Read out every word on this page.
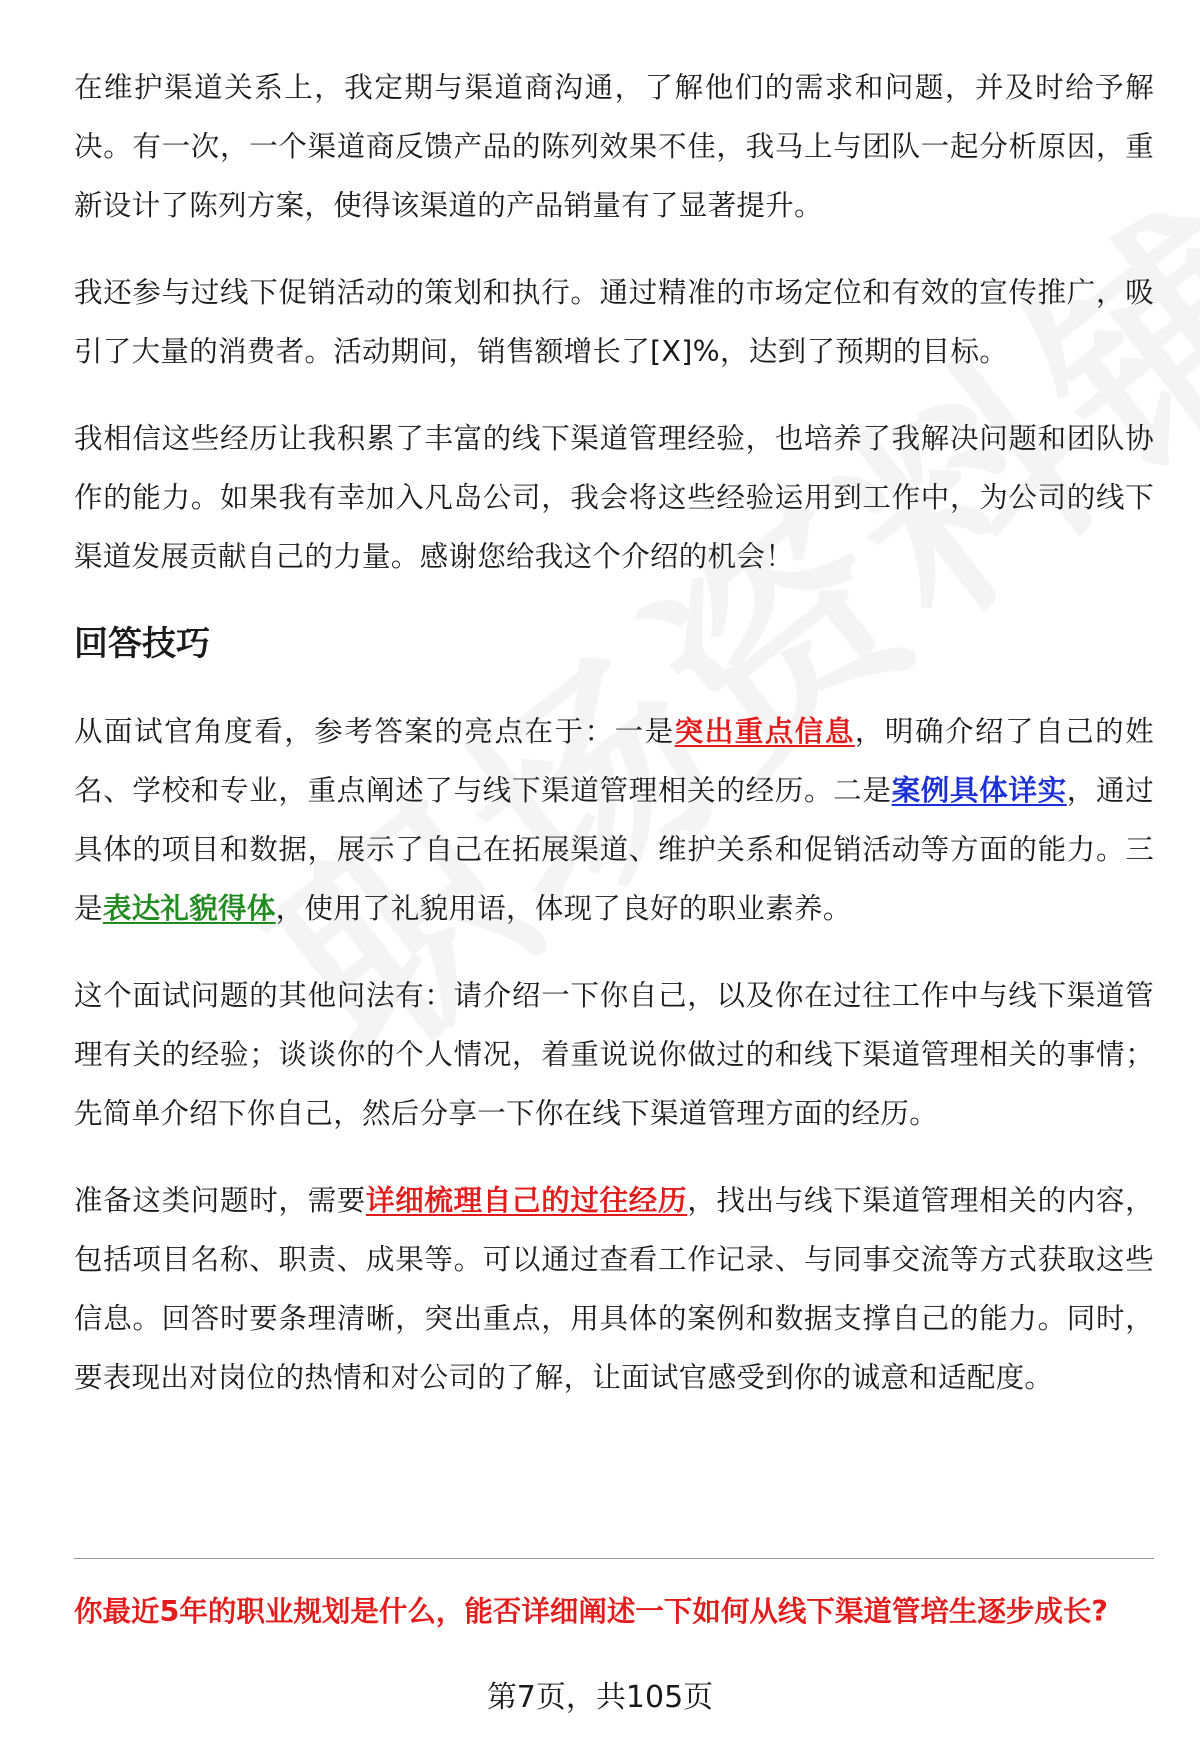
在维护渠道关系上，我定期与渠道商沟通，了解他们的需求和问题，并及时给予解决。有一次，一个渠道商反馈产品的陈列效果不佳，我马上与团队一起分析原因，重新设计了陈列方案，使得该渠道的产品销量有了显著提升。

我还参与过线下促销活动的策划和执行。通过精准的市场定位和有效的宣传推广，吸引了大量的消费者。活动期间，销售额增长了[X]%，达到了预期的目标。

我相信这些经历让我积累了丰富的线下渠道管理经验，也培养了我解决问题和团队协作的能力。如果我有幸加入凡岛公司，我会将这些经验运用到工作中，为公司的线下渠道发展贡献自己的力量。感谢您给我这个介绍的机会！

回答技巧

从面试官角度看，参考答案的亮点在于：一是突出重点信息，明确介绍了自己的姓名、学校和专业，重点阐述了与线下渠道管理相关的经历。二是案例具体详实，通过具体的项目和数据，展示了自己在拓展渠道、维护关系和促销活动等方面的能力。三是表达礼貌得体，使用了礼貌用语，体现了良好的职业素养。

这个面试问题的其他问法有：请介绍一下你自己，以及你在过往工作中与线下渠道管理有关的经验；谈谈你的个人情况，着重说说你做过的和线下渠道管理相关的事情；先简单介绍下你自己，然后分享一下你在线下渠道管理方面的经历。

准备这类问题时，需要详细梳理自己的过往经历，找出与线下渠道管理相关的内容，包括项目名称、职责、成果等。可以通过查看工作记录、与同事交流等方式获取这些信息。回答时要条理清晰，突出重点，用具体的案例和数据支撑自己的能力。同时，要表现出对岗位的热情和对公司的了解，让面试官感受到你的诚意和适配度。

你最近5年的职业规划是什么，能否详细阐述一下如何从线下渠道管培生逐步成长?
第7页，共105页
